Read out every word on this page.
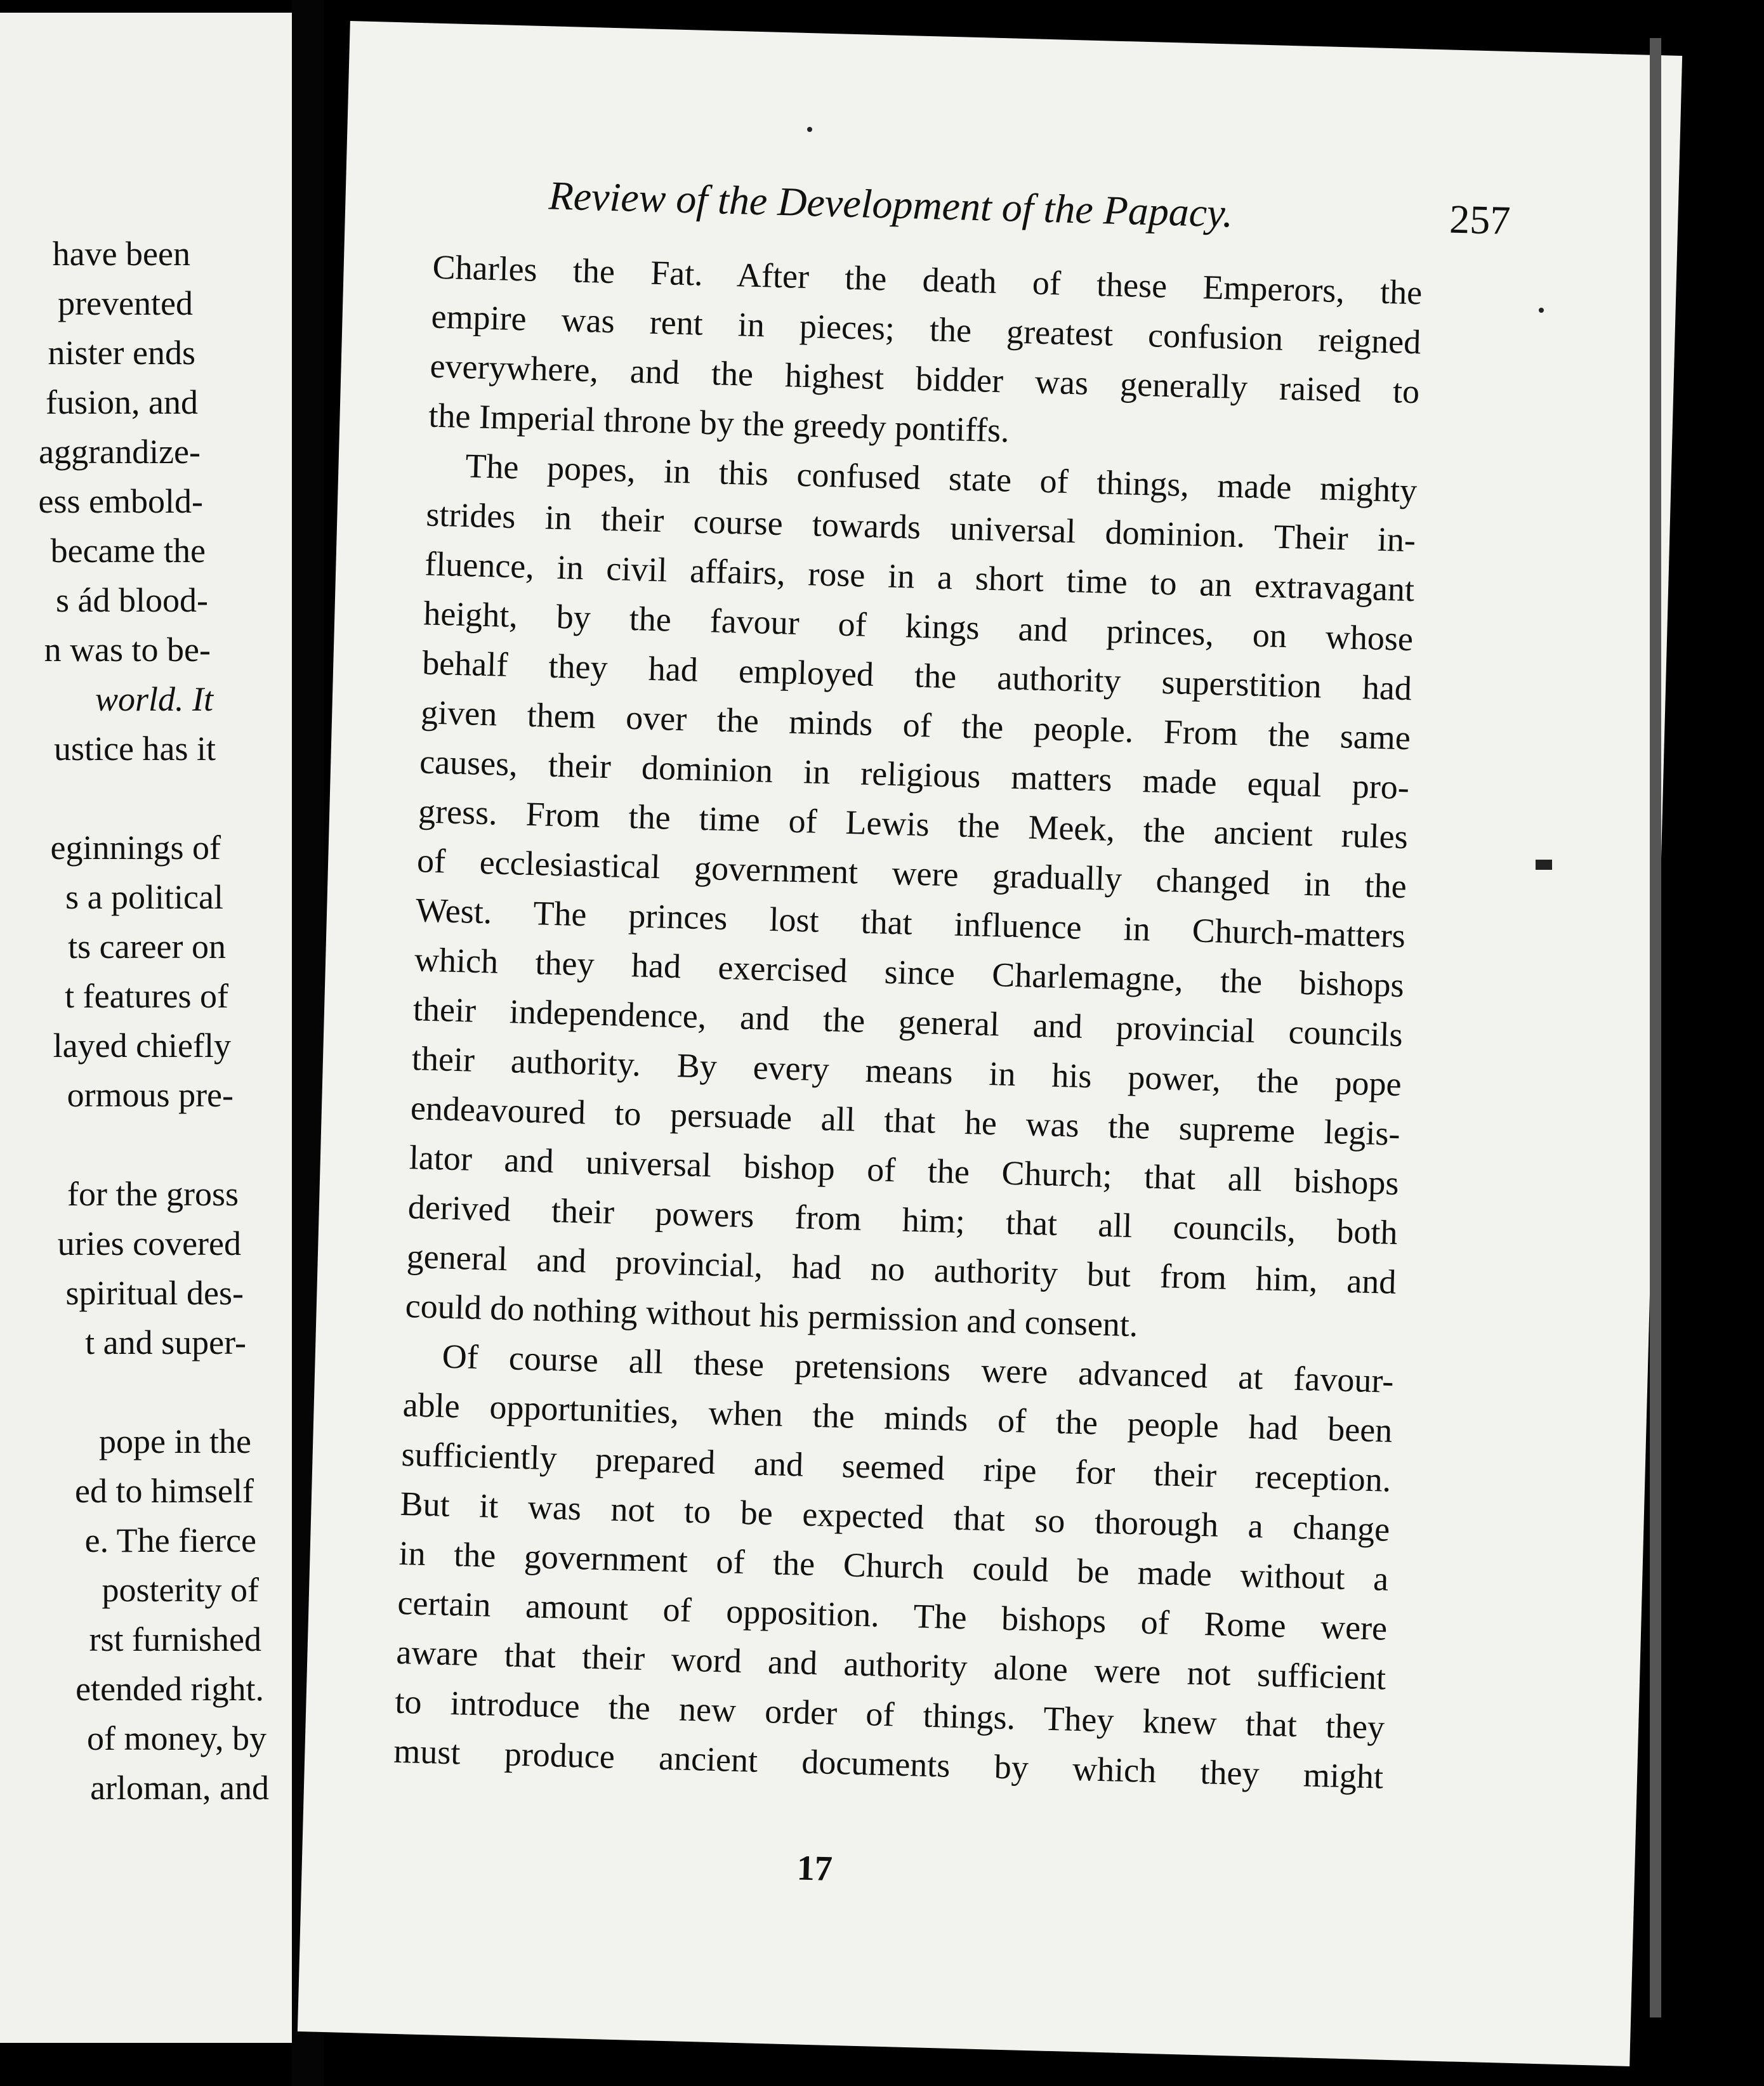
have been
prevented
nister ends
fusion, and
aggrandize-
ess embold-
became the
s ád blood-
n was to be-
world. It
ustice has it
eginnings of
s a political
ts career on
t features of
layed chiefly
ormous pre-
for the gross
uries covered
spiritual des-
t and super-
pope in the
ed to himself
e. The fierce
posterity of
rst furnished
etended right.
of money, by
arloman, and
Review of the Development of the Papacy.	257
Charles the Fat. After the death of these Emperors, the
empire was rent in pieces; the greatest confusion reigned
everywhere, and the highest bidder was generally raised to
the Imperial throne by the greedy pontiffs.
The popes, in this confused state of things, made mighty
strides in their course towards universal dominion. Their in-
fluence, in civil affairs, rose in a short time to an extravagant
height, by the favour of kings and princes, on whose
behalf they had employed the authority superstition had
given them over the minds of the people. From the same
causes, their dominion in religious matters made equal pro-
gress. From the time of Lewis the Meek, the ancient rules
of ecclesiastical government were gradually changed in the
West. The princes lost that influence in Church-matters
which they had exercised since Charlemagne, the bishops
their independence, and the general and provincial councils
their authority. By every means in his power, the pope
endeavoured to persuade all that he was the supreme legis-
lator and universal bishop of the Church; that all bishops
derived their powers from him; that all councils, both
general and provincial, had no authority but from him, and
could do nothing without his permission and consent.
Of course all these pretensions were advanced at favour-
able opportunities, when the minds of the people had been
sufficiently prepared and seemed ripe for their reception.
But it was not to be expected that so thorough a change
in the government of the Church could be made without a
certain amount of opposition. The bishops of Rome were
aware that their word and authority alone were not sufficient
to introduce the new order of things. They knew that they
must produce ancient documents by which they might
17
